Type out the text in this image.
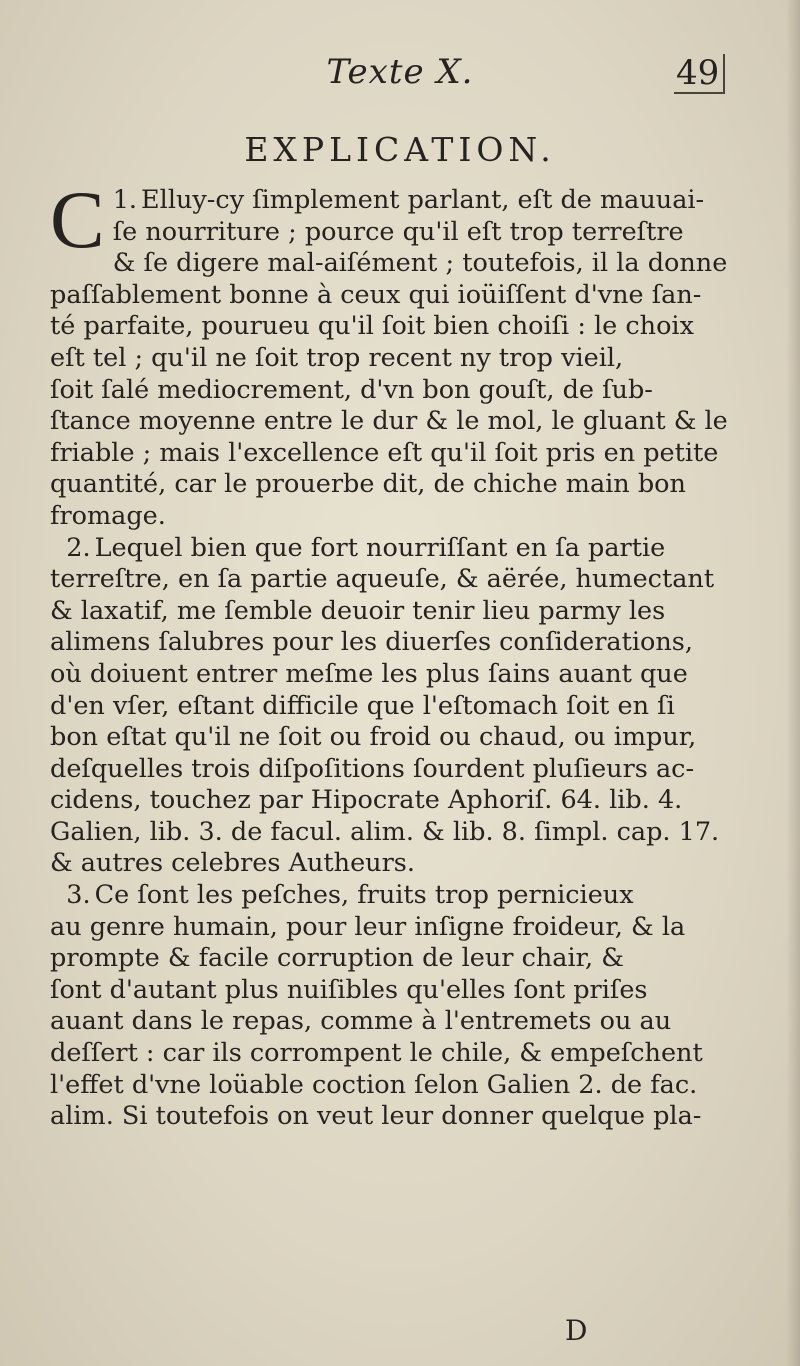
Texte X.	49
EXPLICATION.
1.
C Elluy-cy ſimplement parlant, eſt de mauuai-
ſe nourriture ; pource qu'il eſt trop terreſtre
& ſe digere mal-aiſément ; toutefois, il la donne
paſſablement bonne à ceux qui ioüiſſent d'vne ſan-
té parfaite, pourueu qu'il ſoit bien choiſi : le choix
eſt tel ; qu'il ne ſoit trop recent ny trop vieil,
ſoit ſalé mediocrement, d'vn bon gouſt, de ſub-
ſtance moyenne entre le dur & le mol, le gluant & le
friable ; mais l'excellence eſt qu'il ſoit pris en petite
quantité, car le prouerbe dit, de chiche main bon
fromage.
2. Lequel bien que fort nourriſſant en ſa partie
terreſtre, en ſa partie aqueuſe, & aërée, humectant
& laxatif, me ſemble deuoir tenir lieu parmy les
alimens ſalubres pour les diuerſes conſiderations,
où doiuent entrer meſme les plus ſains auant que
d'en vſer, eſtant difficile que l'eſtomach ſoit en ſi
bon eſtat qu'il ne ſoit ou froid ou chaud, ou impur,
deſquelles trois diſpoſitions ſourdent pluſieurs ac-
cidens, touchez par Hipocrate Aphoriſ. 64. lib. 4.
Galien, lib. 3. de facul. alim. & lib. 8. ſimpl. cap. 17.
& autres celebres Autheurs.
3. Ce ſont les peſches, fruits trop pernicieux
au genre humain, pour leur inſigne froideur, & la
prompte & facile corruption de leur chair, &
ſont d'autant plus nuiſibles qu'elles ſont priſes
auant dans le repas, comme à l'entremets ou au
deſſert : car ils corrompent le chile, & empeſchent
l'effet d'vne loüable coction ſelon Galien 2. de fac.
alim. Si toutefois on veut leur donner quelque pla-
D
